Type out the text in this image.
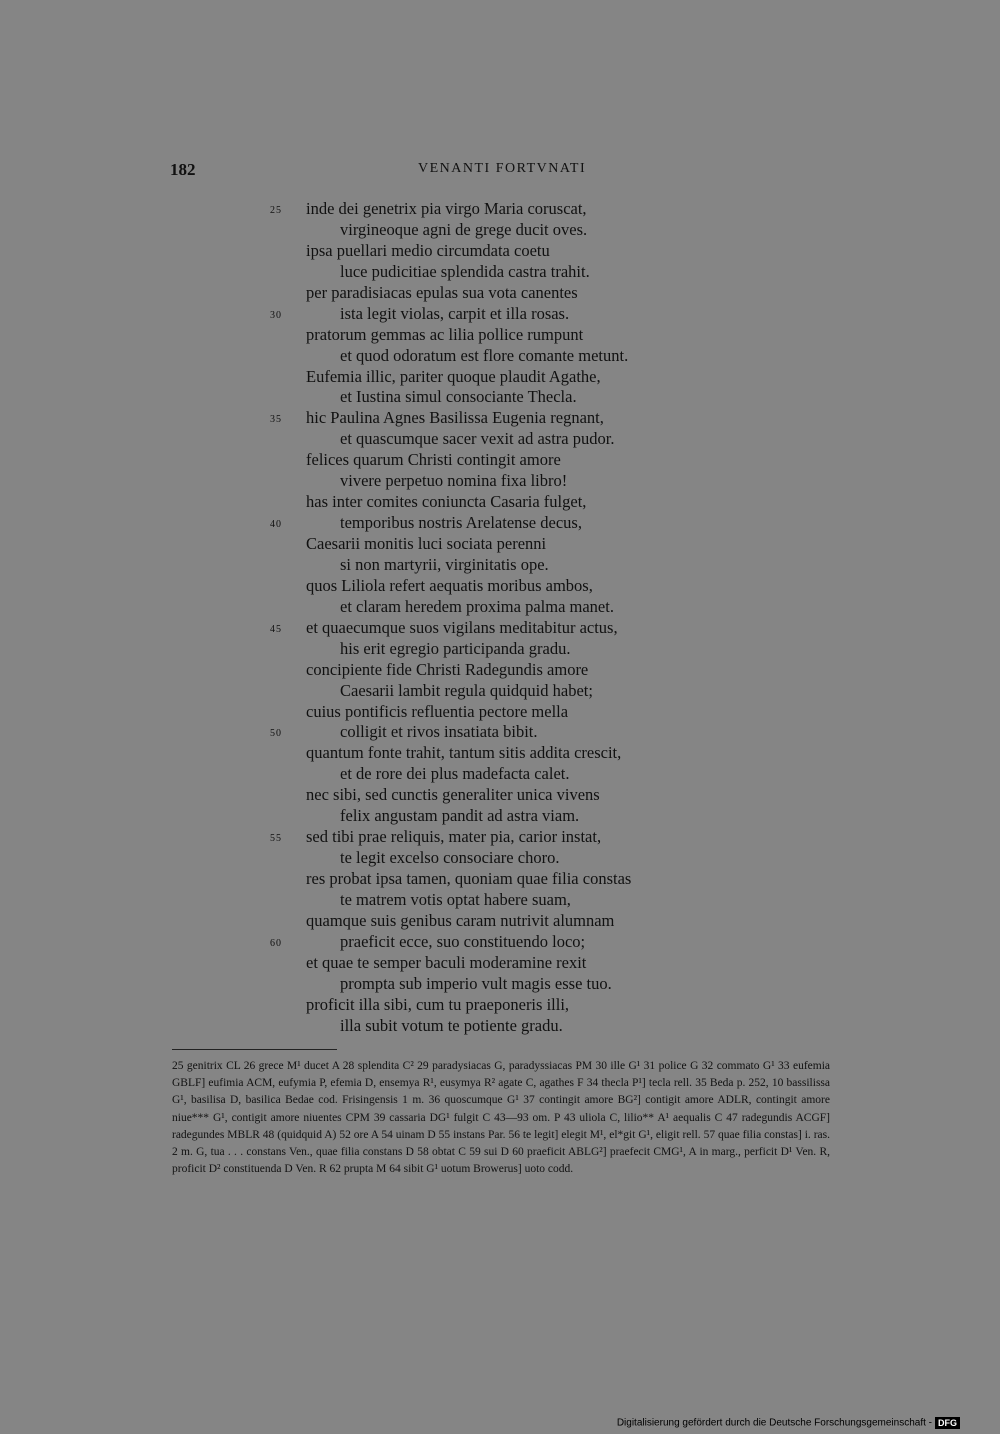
182	VENANTI FORTVNATI
25 inde dei genetrix pia virgo Maria coruscat,
virgineoque agni de grege ducit oves.
ipsa puellari medio circumdata coetu
luce pudicitiae splendida castra trahit.
per paradisiacas epulas sua vota canentes
30	ista legit violas, carpit et illa rosas.
pratorum gemmas ac lilia pollice rumpunt
et quod odoratum est flore comante metunt.
Eufemia illic, pariter quoque plaudit Agathe,
et Iustina simul consociante Thecla.
35 hic Paulina Agnes Basilissa Eugenia regnant,
et quascumque sacer vexit ad astra pudor.
felices quarum Christi contingit amore
vivere perpetuo nomina fixa libro!
has inter comites coniuncta Casaria fulget,
40	temporibus nostris Arelatense decus,
Caesarii monitis luci sociata perenni
si non martyrii, virginitatis ope.
quos Liliola refert aequatis moribus ambos,
et claram heredem proxima palma manet.
45 et quaecumque suos vigilans meditabitur actus,
his erit egregio participanda gradu.
concipiente fide Christi Radegundis amore
Caesarii lambit regula quidquid habet;
cuius pontificis refluentia pectore mella
50	colligit et rivos insatiata bibit.
quantum fonte trahit, tantum sitis addita crescit,
et de rore dei plus madefacta calet.
nec sibi, sed cunctis generaliter unica vivens
felix angustam pandit ad astra viam.
55 sed tibi prae reliquis, mater pia, carior instat,
te legit excelso consociare choro.
res probat ipsa tamen, quoniam quae filia constas
te matrem votis optat habere suam,
quamque suis genibus caram nutrivit alumnam
60	praeficit ecce, suo constituendo loco;
et quae te semper baculi moderamine rexit
prompta sub imperio vult magis esse tuo.
proficit illa sibi, cum tu praeponeris illi,
illa subit votum te potiente gradu.
25 genitrix CL 26 grece M¹ ducet A 28 splendita C² 29 paradysiacas G, paradyssiacas PM 30 ille G¹ 31 police G 32 commato G¹ 33 eufemia GBLF] eufimia ACM, eufymia P, efemia D, ensemya R¹, eusymya R² agate C, agathes F 34 thecla P¹] tecla rell. 35 Beda p. 252, 10 bassilissa G¹, basilisa D, basilica Bedae cod. Frisingensis 1 m. 36 quoscumque G¹ 37 contingit amore BG²] contigit amore ADLR, contingit amore niue*** G¹, contigit amore niuentes CPM 39 cassaria DG¹ fulgit C 43—93 om. P 43 uliola C, lilio** A¹ aequalis C 47 radegundis ACGF] radegundes MBLR 48 (quidquid A) 52 ore A 54 uinam D 55 instans Par. 56 te legit] elegit M¹, el*git G¹, eligit rell. 57 quae filia constas] i. ras. 2 m. G, tua . . . constans Ven., quae filia constans D 58 obtat C 59 sui D 60 praeficit ABLG²] praefecit CMG¹, A in marg., perficit D¹ Ven. R, proficit D² constituenda D Ven. R 62 prupta M 64 sibit G¹ uotum Browerus] uoto codd.
Digitalisierung gefördert durch die Deutsche Forschungsgemeinschaft - DFG
